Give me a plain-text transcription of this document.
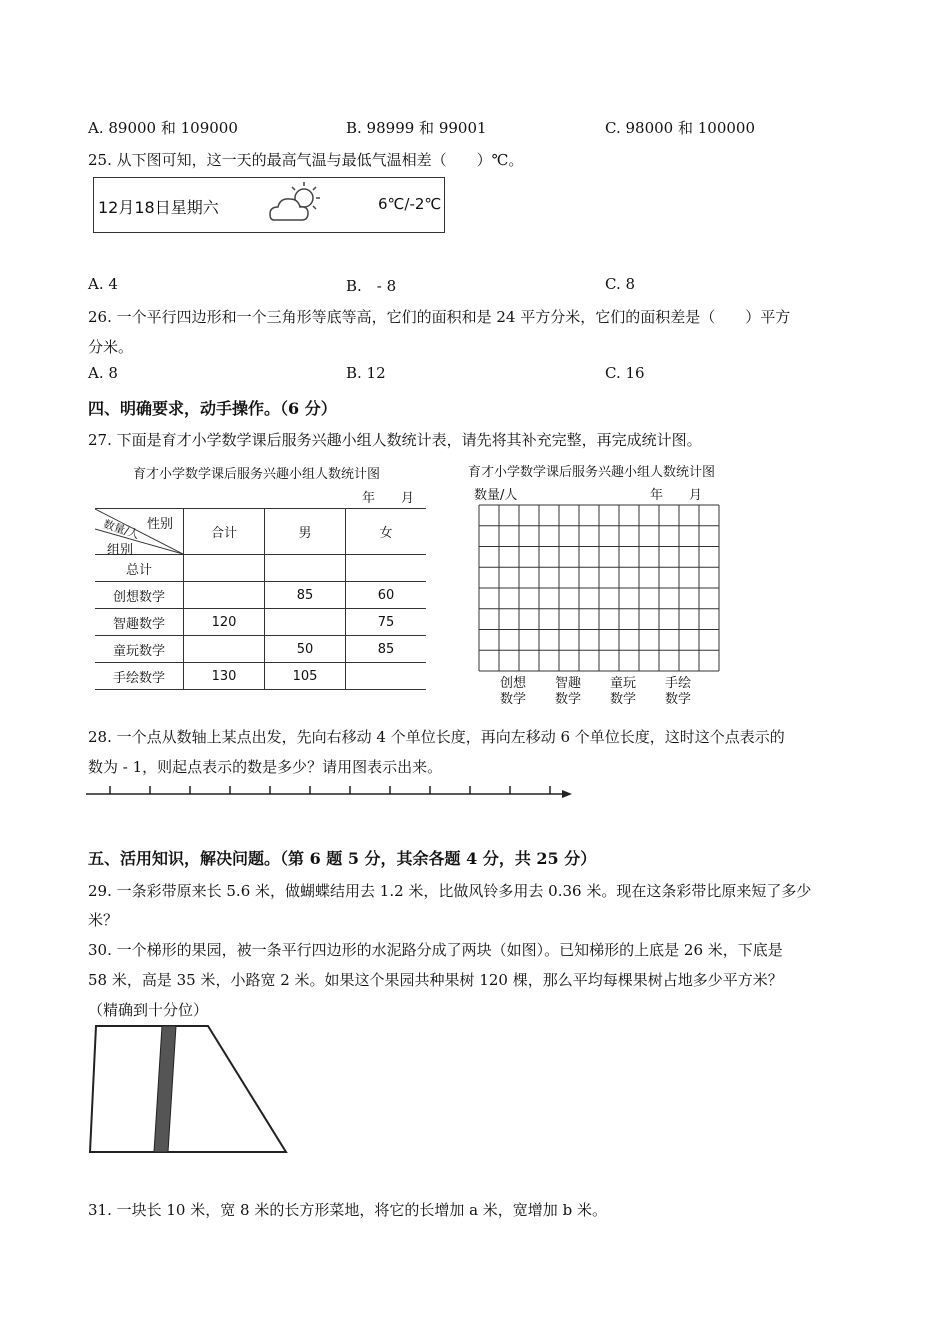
A. 89000 和 109000	B. 98999 和 99001	C. 98000 和 100000
25. 从下图可知，这一天的最高气温与最低气温相差（　　）℃。
12月18日星期六	6℃/-2℃
A. 4	B.　- 8	C. 8
26. 一个平行四边形和一个三角形等底等高，它们的面积和是 24 平方分米，它们的面积差是（　　）平方
分米。
A. 8	B. 12	C. 16
四、明确要求，动手操作。（6 分）
27. 下面是育才小学数学课后服务兴趣小组人数统计表，请先将其补充完整，再完成统计图。
育才小学数学课后服务兴趣小组人数统计图
年　　月
性别
数量/人
组别	合计	男	女
总计			
创想数学		85	60
智趣数学	120		75
童玩数学		50	85
手绘数学	130	105	
育才小学数学课后服务兴趣小组人数统计图
数量/人	年　　月
创想
数学
智趣
数学
童玩
数学
手绘
数学
28. 一个点从数轴上某点出发，先向右移动 4 个单位长度，再向左移动 6 个单位长度，这时这个点表示的
数为 - 1，则起点表示的数是多少？请用图表示出来。
五、活用知识，解决问题。（第 6 题 5 分，其余各题 4 分，共 25 分）
29. 一条彩带原来长 5.6 米，做蝴蝶结用去 1.2 米，比做风铃多用去 0.36 米。现在这条彩带比原来短了多少
米？
30. 一个梯形的果园，被一条平行四边形的水泥路分成了两块（如图）。已知梯形的上底是 26 米，下底是
58 米，高是 35 米，小路宽 2 米。如果这个果园共种果树 120 棵，那么平均每棵果树占地多少平方米？
（精确到十分位）
31. 一块长 10 米，宽 8 米的长方形菜地，将它的长增加 a 米，宽增加 b 米。
